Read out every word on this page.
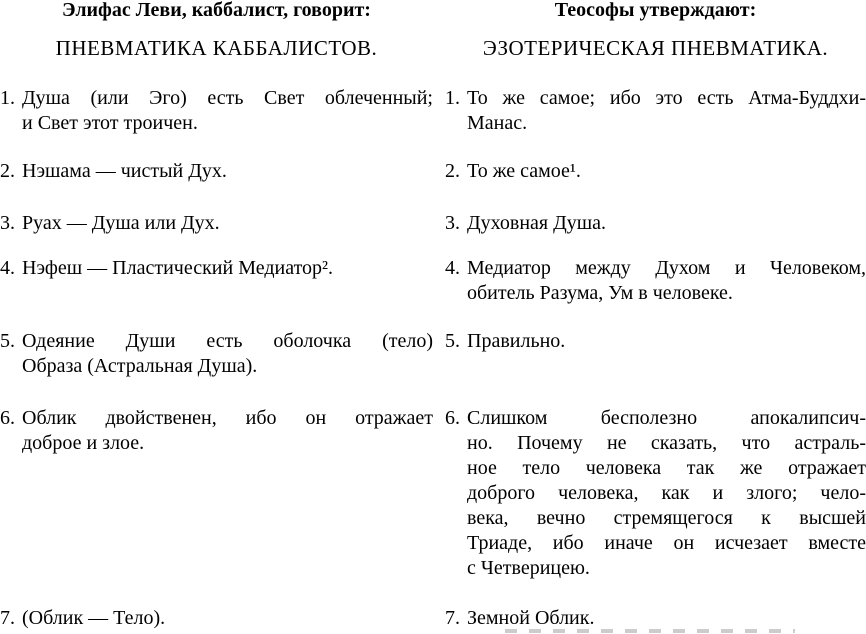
Элифас Леви, каббалист, говорит:
ПНЕВМАТИКА КАББАЛИСТОВ.
1. Душа (или Эго) есть Свет облеченный;
и Свет этот троичен.
2. Нэшама — чистый Дух.
3. Руах — Душа или Дух.
4. Нэфеш — Пластический Медиатор².
5. Одеяние Души есть оболочка (тело)
Образа (Астральная Душа).
6. Облик двойственен, ибо он отражает
доброе и злое.
7. (Облик — Тело).
Теософы утверждают:
ЭЗОТЕРИЧЕСКАЯ ПНЕВМАТИКА.
1. То же самое; ибо это есть Атма-Буддхи-
Манас.
2. То же самое¹.
3. Духовная Душа.
4. Медиатор между Духом и Человеком,
обитель Разума, Ум в человеке.
5. Правильно.
6. Слишком бесполезно апокалипсич-
но. Почему не сказать, что астраль-
ное тело человека так же отражает
доброго человека, как и злого; чело-
века, вечно стремящегося к высшей
Триаде, ибо иначе он исчезает вместе
с Четверицею.
7. Земной Облик.
